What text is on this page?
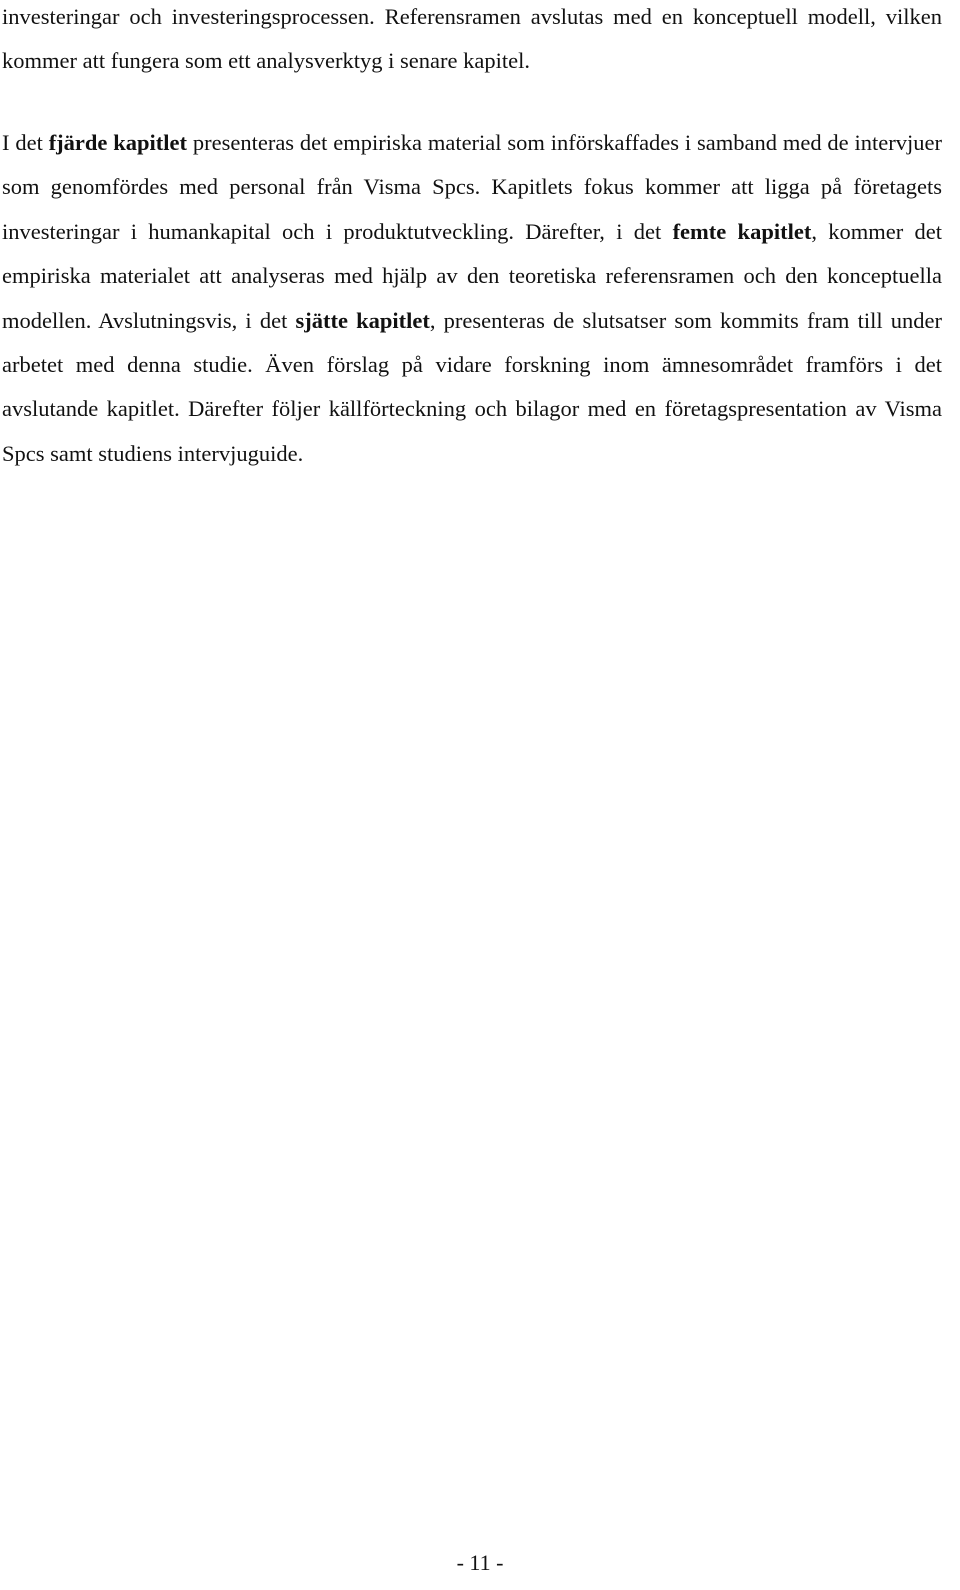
investeringar och investeringsprocessen. Referensramen avslutas med en konceptuell modell, vilken kommer att fungera som ett analysverktyg i senare kapitel.

I det fjärde kapitlet presenteras det empiriska material som införskaffades i samband med de intervjuer som genomfördes med personal från Visma Spcs. Kapitlets fokus kommer att ligga på företagets investeringar i humankapital och i produktutveckling. Därefter, i det femte kapitlet, kommer det empiriska materialet att analyseras med hjälp av den teoretiska referensramen och den konceptuella modellen. Avslutningsvis, i det sjätte kapitlet, presenteras de slutsatser som kommits fram till under arbetet med denna studie. Även förslag på vidare forskning inom ämnesområdet framförs i det avslutande kapitlet. Därefter följer källförteckning och bilagor med en företagspresentation av Visma Spcs samt studiens intervjuguide.

- 11 -
